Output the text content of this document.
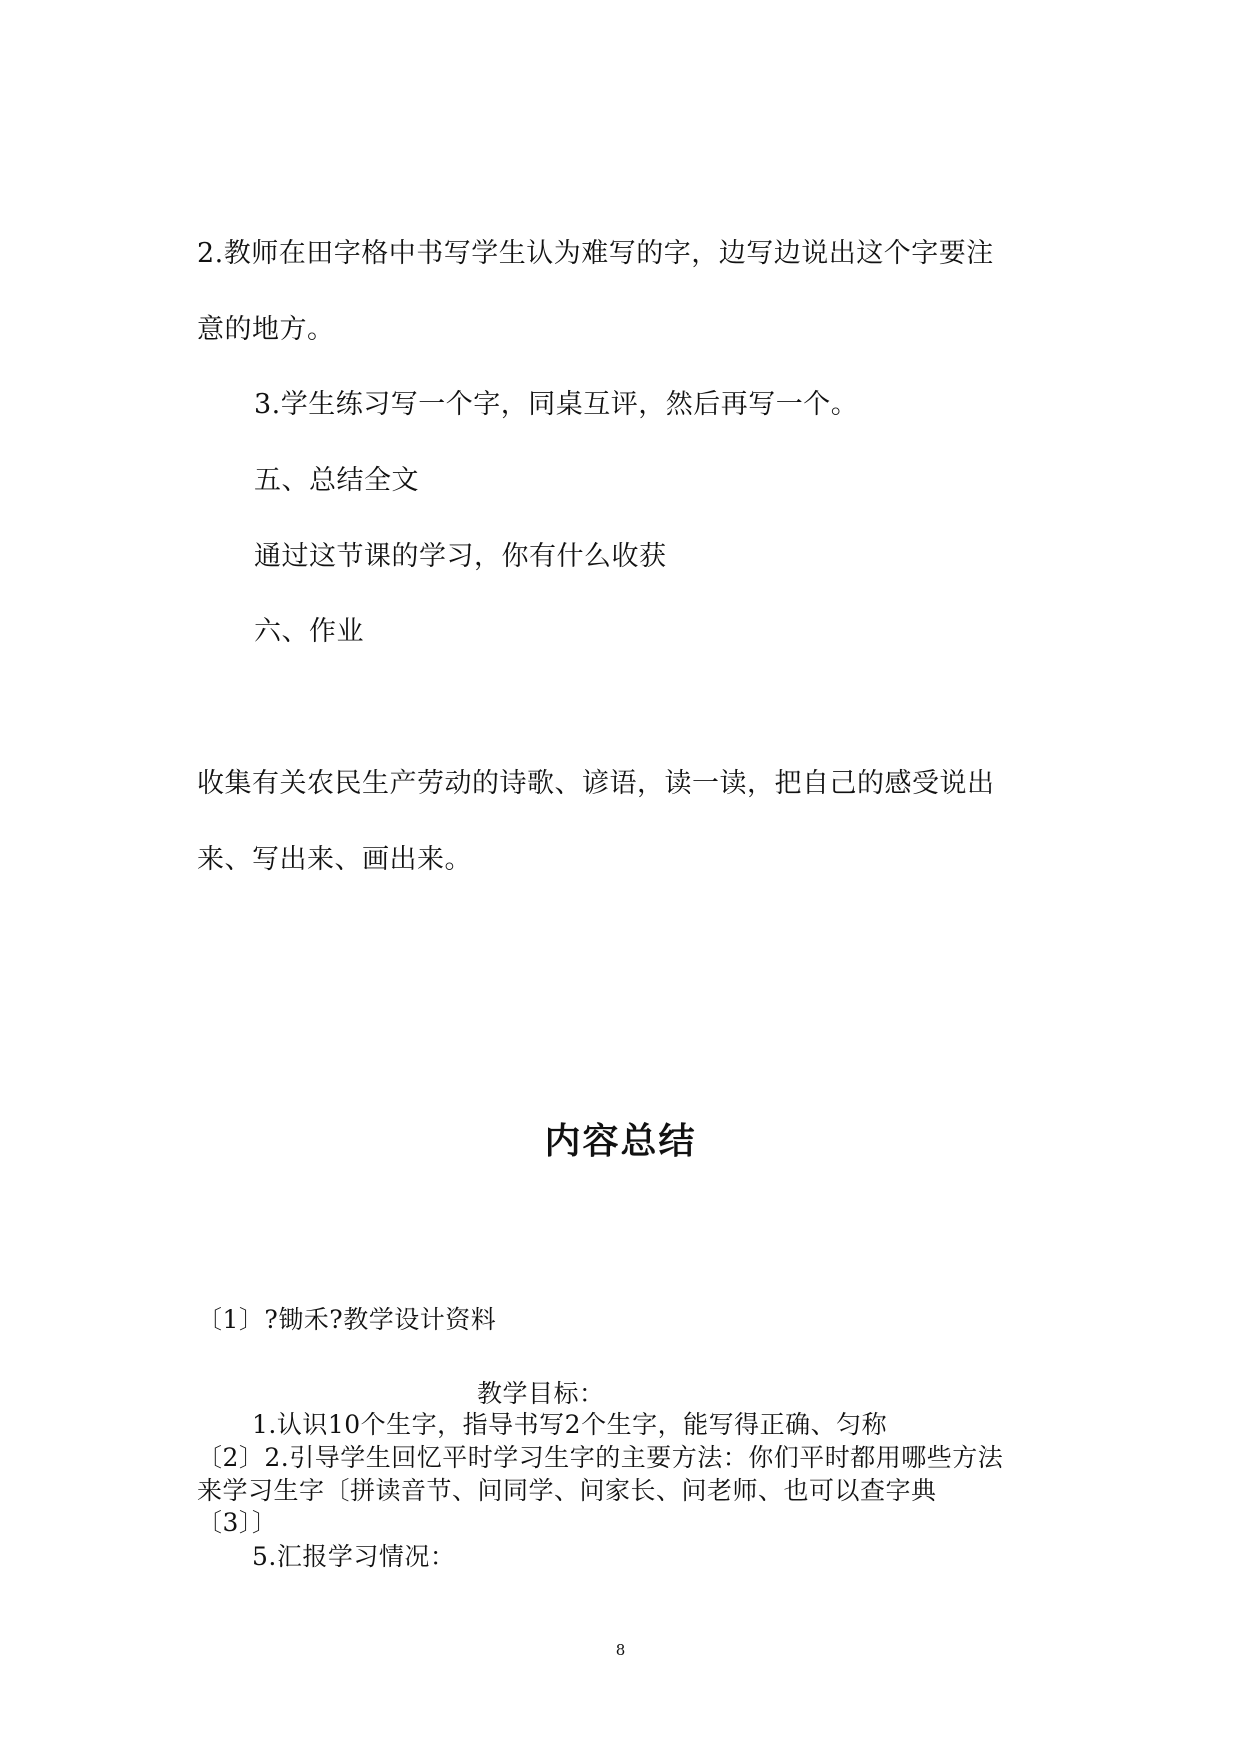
2.教师在田字格中书写学生认为难写的字，边写边说出这个字要注
意的地方。
3.学生练习写一个字，同桌互评，然后再写一个。
五、总结全文
通过这节课的学习，你有什么收获
六、作业
收集有关农民生产劳动的诗歌、谚语，读一读，把自己的感受说出
来、写出来、画出来。
内容总结
〔1〕?锄禾?教学设计资料
教学目标：
1.认识10个生字，指导书写2个生字，能写得正确、匀称
〔2〕2.引导学生回忆平时学习生字的主要方法：你们平时都用哪些方法
来学习生字〔拼读音节、问同学、问家长、问老师、也可以查字典
〔3〕〕
5.汇报学习情况：
8
